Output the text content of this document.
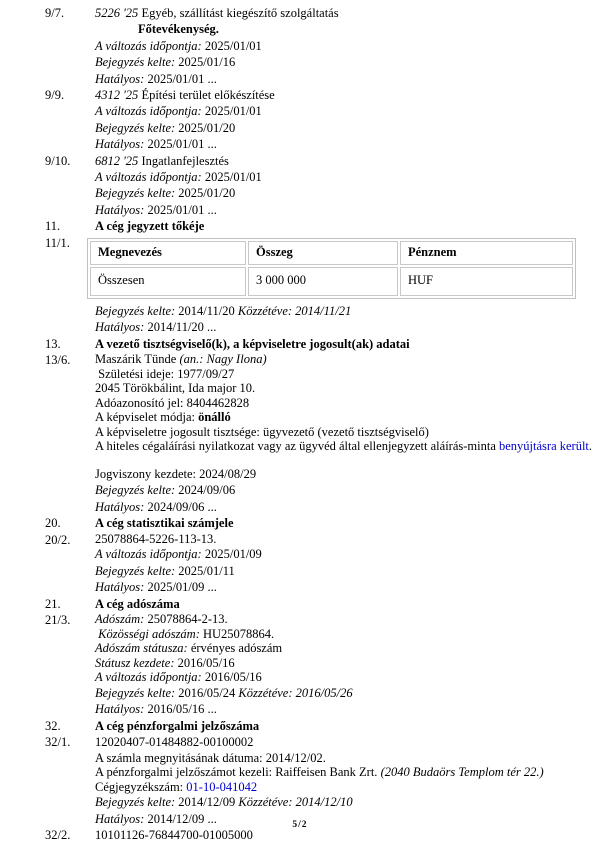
9/7.	5226 '25 Egyéb, szállítást kiegészítő szolgáltatás
Főtevékenység.
A változás időpontja: 2025/01/01
Bejegyzés kelte: 2025/01/16
Hatályos: 2025/01/01 ...
9/9.	4312 '25 Építési terület előkészítése
A változás időpontja: 2025/01/01
Bejegyzés kelte: 2025/01/20
Hatályos: 2025/01/01 ...
9/10.	6812 '25 Ingatlanfejlesztés
A változás időpontja: 2025/01/01
Bejegyzés kelte: 2025/01/20
Hatályos: 2025/01/01 ...
11.	A cég jegyzett tőkéje
11/1.
Megnevezés	Összeg	Pénznem
Összesen	3 000 000	HUF
Bejegyzés kelte: 2014/11/20 Közzétéve: 2014/11/21
Hatályos: 2014/11/20 ...
13.	A vezető tisztségviselő(k), a képviseletre jogosult(ak) adatai
13/6.	Maszárik Tünde (an.: Nagy Ilona)
Születési ideje: 1977/09/27
2045 Törökbálint, Ida major 10.
Adóazonosító jel: 8404462828
A képviselet módja: önálló
A képviseletre jogosult tisztsége: ügyvezető (vezető tisztségviselő)
A hiteles cégaláírási nyilatkozat vagy az ügyvéd által ellenjegyzett aláírás-minta benyújtásra került.
Jogviszony kezdete: 2024/08/29
Bejegyzés kelte: 2024/09/06
Hatályos: 2024/09/06 ...
20.	A cég statisztikai számjele
20/2.	25078864-5226-113-13.
A változás időpontja: 2025/01/09
Bejegyzés kelte: 2025/01/11
Hatályos: 2025/01/09 ...
21.	A cég adószáma
21/3.	Adószám: 25078864-2-13.
Közösségi adószám: HU25078864.
Adószám státusza: érvényes adószám
Státusz kezdete: 2016/05/16
A változás időpontja: 2016/05/16
Bejegyzés kelte: 2016/05/24 Közzétéve: 2016/05/26
Hatályos: 2016/05/16 ...
32.	A cég pénzforgalmi jelzőszáma
32/1.	12020407-01484882-00100002
A számla megnyitásának dátuma: 2014/12/02.
A pénzforgalmi jelzőszámot kezeli: Raiffeisen Bank Zrt. (2040 Budaörs Templom tér 22.)
Cégjegyzékszám: 01-10-041042
Bejegyzés kelte: 2014/12/09 Közzétéve: 2014/12/10
Hatályos: 2014/12/09 ...
32/2.	10101126-76844700-01005000
5/2
